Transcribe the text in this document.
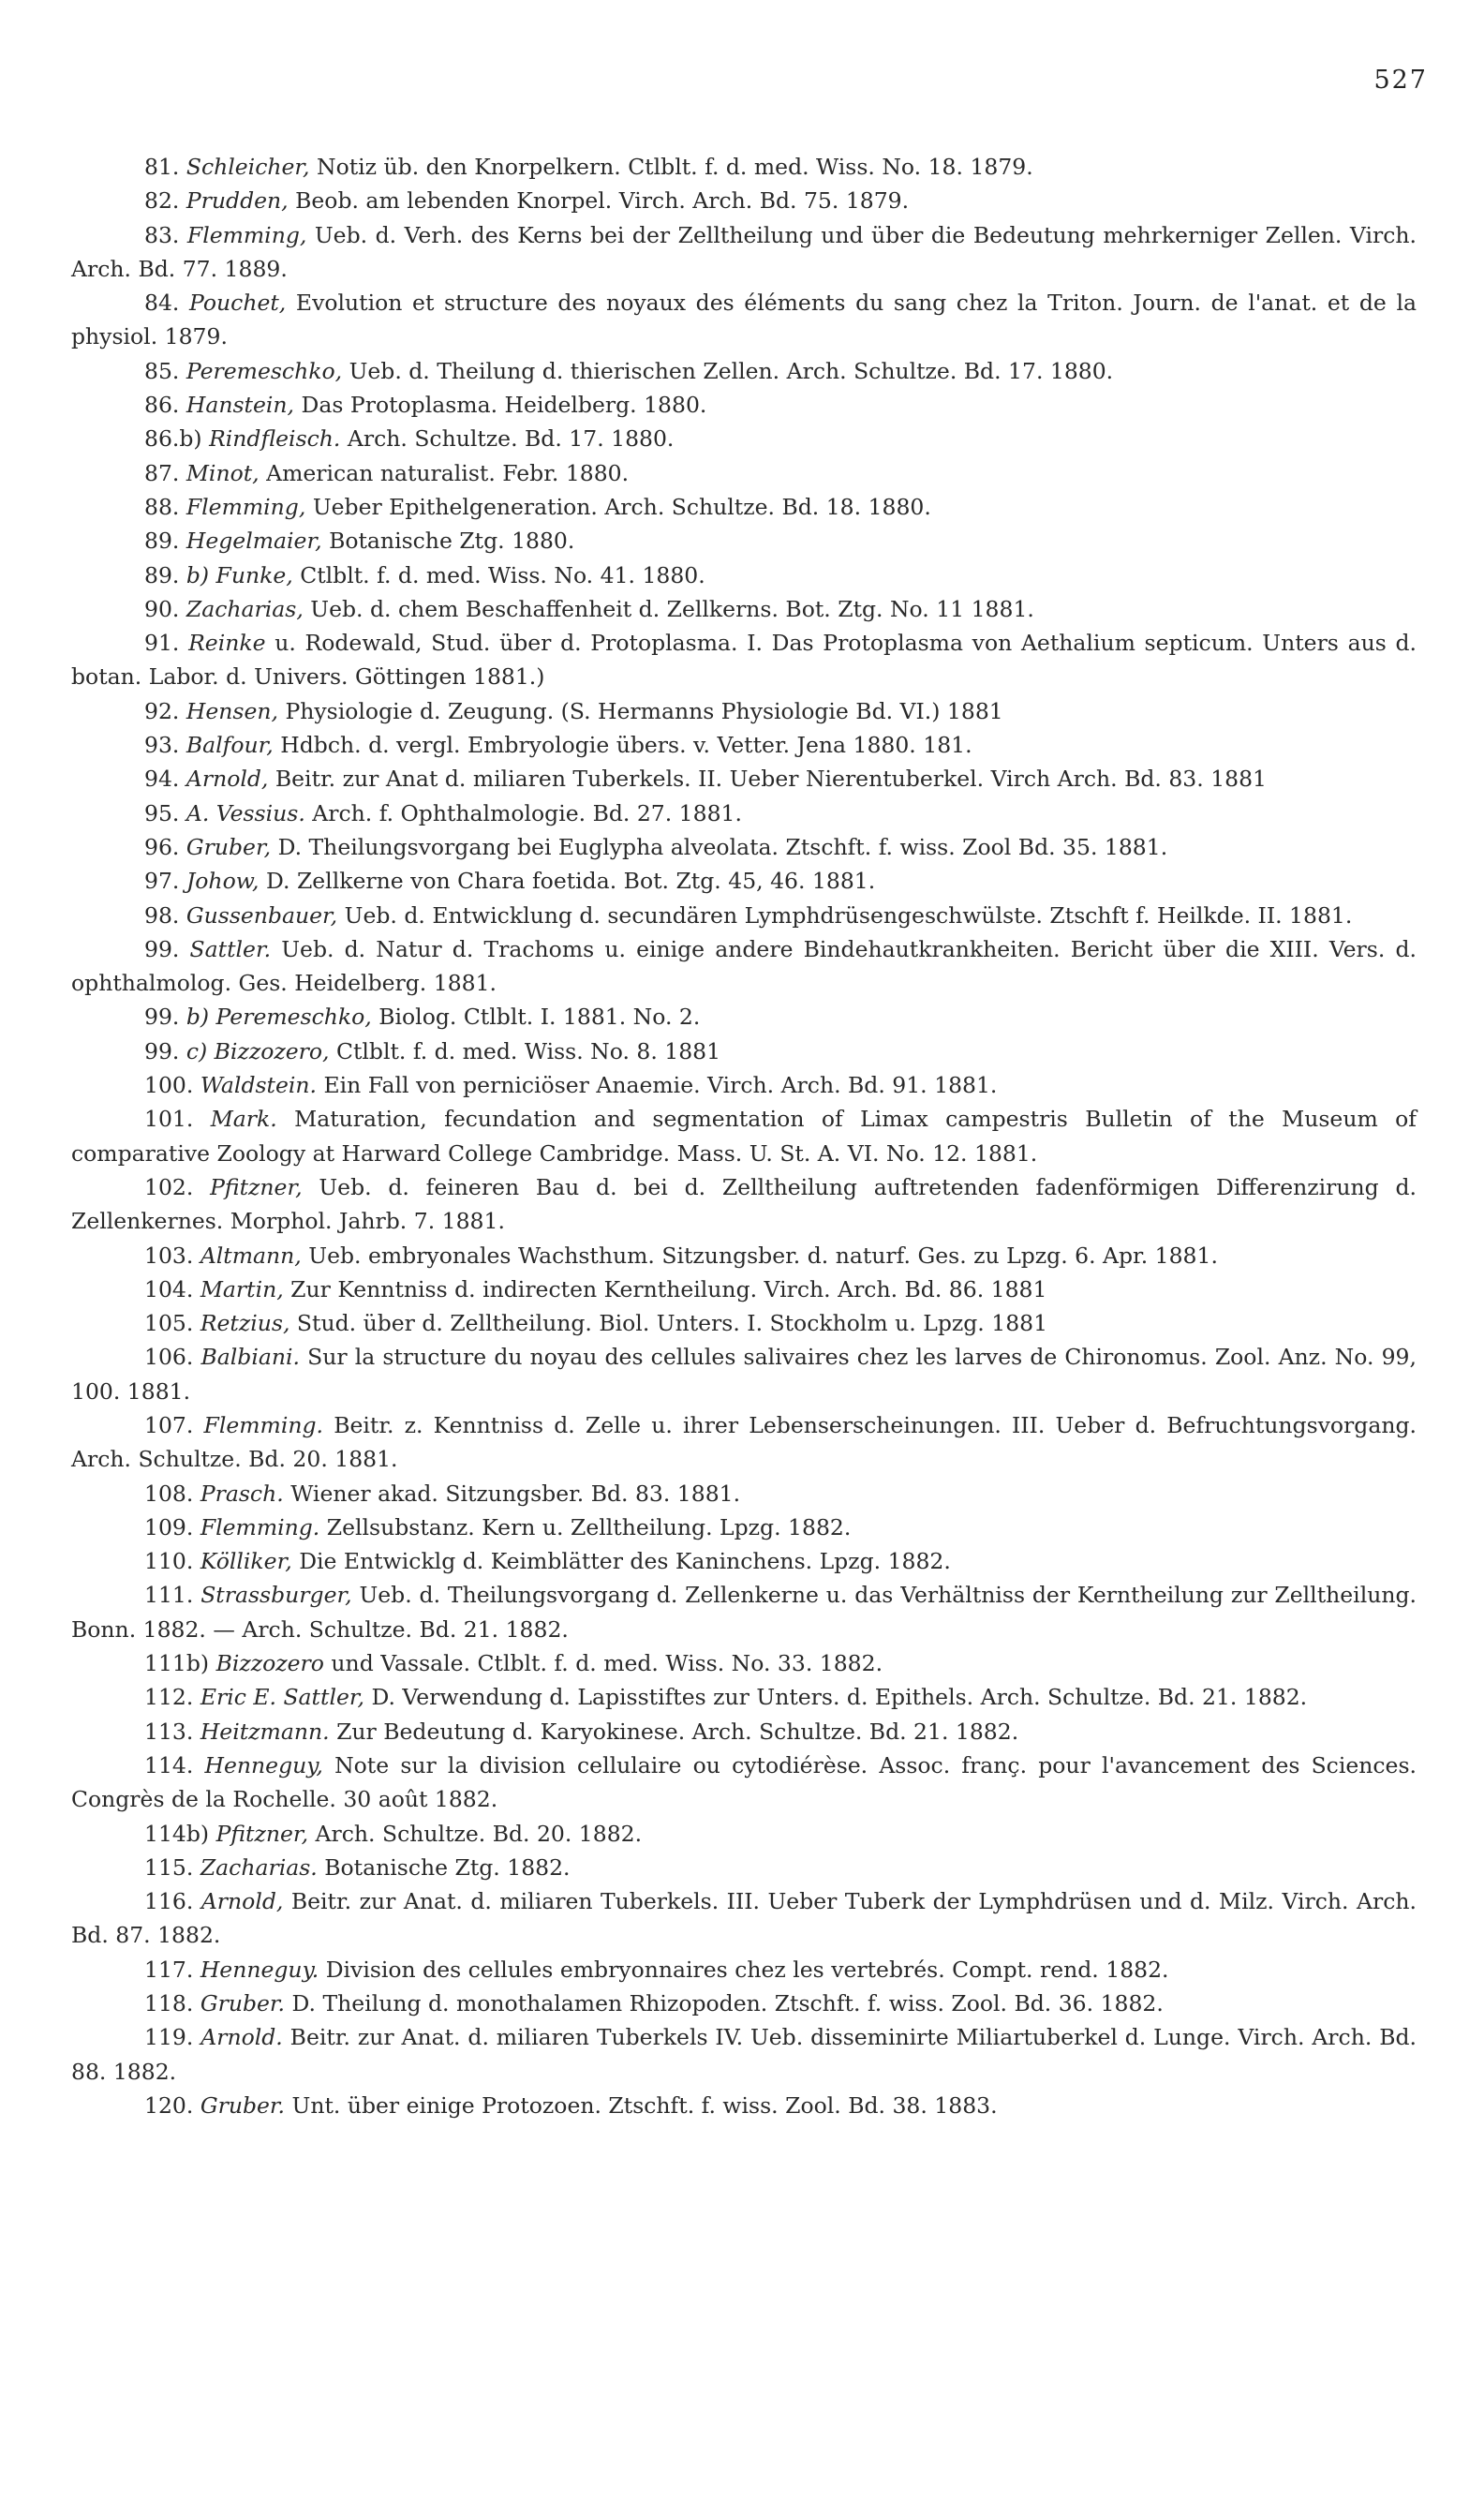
527

81. Schleicher, Notiz üb. den Knorpelkern. Ctlblt. f. d. med. Wiss. No. 18. 1879.

82. Prudden, Beob. am lebenden Knorpel. Virch. Arch. Bd. 75. 1879.

83. Flemming, Ueb. d. Verh. des Kerns bei der Zelltheilung und über die Bedeutung mehrkerniger Zellen. Virch. Arch. Bd. 77. 1889.

84. Pouchet, Evolution et structure des noyaux des éléments du sang chez la Triton. Journ. de l'anat. et de la physiol. 1879.

85. Peremeschko, Ueb. d. Theilung d. thierischen Zellen. Arch. Schultze. Bd. 17. 1880.

86. Hanstein, Das Protoplasma. Heidelberg. 1880.

86.b) Rindfleisch. Arch. Schultze. Bd. 17. 1880.

87. Minot, American naturalist. Febr. 1880.

88. Flemming, Ueber Epithelgeneration. Arch. Schultze. Bd. 18. 1880.

89. Hegelmaier, Botanische Ztg. 1880.

89. b) Funke, Ctlblt. f. d. med. Wiss. No. 41. 1880.

90. Zacharias, Ueb. d. chem Beschaffenheit d. Zellkerns. Bot. Ztg. No. 11 1881.

91. Reinke u. Rodewald, Stud. über d. Protoplasma. I. Das Protoplasma von Aethalium septicum. Unters aus d. botan. Labor. d. Univers. Göttingen 1881.)

92. Hensen, Physiologie d. Zeugung. (S. Hermanns Physiologie Bd. VI.) 1881

93. Balfour, Hdbch. d. vergl. Embryologie übers. v. Vetter. Jena 1880. 181.

94. Arnold, Beitr. zur Anat d. miliaren Tuberkels. II. Ueber Nierentuberkel. Virch Arch. Bd. 83. 1881

95. A. Vessius. Arch. f. Ophthalmologie. Bd. 27. 1881.

96. Gruber, D. Theilungsvorgang bei Euglypha alveolata. Ztschft. f. wiss. Zool Bd. 35. 1881.

97. Johow, D. Zellkerne von Chara foetida. Bot. Ztg. 45, 46. 1881.

98. Gussenbauer, Ueb. d. Entwicklung d. secundären Lymphdrüsengeschwülste. Ztschft f. Heilkde. II. 1881.

99. Sattler. Ueb. d. Natur d. Trachoms u. einige andere Bindehautkrankheiten. Bericht über die XIII. Vers. d. ophthalmolog. Ges. Heidelberg. 1881.

99. b) Peremeschko, Biolog. Ctlblt. I. 1881. No. 2.

99. c) Bizzozero, Ctlblt. f. d. med. Wiss. No. 8. 1881

100. Waldstein. Ein Fall von perniciöser Anaemie. Virch. Arch. Bd. 91. 1881.

101. Mark. Maturation, fecundation and segmentation of Limax campestris Bulletin of the Museum of comparative Zoology at Harward College Cambridge. Mass. U. St. A. VI. No. 12. 1881.

102. Pfitzner, Ueb. d. feineren Bau d. bei d. Zelltheilung auftretenden fadenförmigen Differenzirung d. Zellenkernes. Morphol. Jahrb. 7. 1881.

103. Altmann, Ueb. embryonales Wachsthum. Sitzungsber. d. naturf. Ges. zu Lpzg. 6. Apr. 1881.

104. Martin, Zur Kenntniss d. indirecten Kerntheilung. Virch. Arch. Bd. 86. 1881

105. Retzius, Stud. über d. Zelltheilung. Biol. Unters. I. Stockholm u. Lpzg. 1881

106. Balbiani. Sur la structure du noyau des cellules salivaires chez les larves de Chironomus. Zool. Anz. No. 99, 100. 1881.

107. Flemming. Beitr. z. Kenntniss d. Zelle u. ihrer Lebenserscheinungen. III. Ueber d. Befruchtungsvorgang. Arch. Schultze. Bd. 20. 1881.

108. Prasch. Wiener akad. Sitzungsber. Bd. 83. 1881.

109. Flemming. Zellsubstanz. Kern u. Zelltheilung. Lpzg. 1882.

110. Kölliker, Die Entwicklg d. Keimblätter des Kaninchens. Lpzg. 1882.

111. Strassburger, Ueb. d. Theilungsvorgang d. Zellenkerne u. das Verhältniss der Kerntheilung zur Zelltheilung. Bonn. 1882. — Arch. Schultze. Bd. 21. 1882.

111b) Bizzozero und Vassale. Ctlblt. f. d. med. Wiss. No. 33. 1882.

112. Eric E. Sattler, D. Verwendung d. Lapisstiftes zur Unters. d. Epithels. Arch. Schultze. Bd. 21. 1882.

113. Heitzmann. Zur Bedeutung d. Karyokinese. Arch. Schultze. Bd. 21. 1882.

114. Henneguy, Note sur la division cellulaire ou cytodiérèse. Assoc. franç. pour l'avancement des Sciences. Congrès de la Rochelle. 30 août 1882.

114b) Pfitzner, Arch. Schultze. Bd. 20. 1882.

115. Zacharias. Botanische Ztg. 1882.

116. Arnold, Beitr. zur Anat. d. miliaren Tuberkels. III. Ueber Tuberk der Lymphdrüsen und d. Milz. Virch. Arch. Bd. 87. 1882.

117. Henneguy. Division des cellules embryonnaires chez les vertebrés. Compt. rend. 1882.

118. Gruber. D. Theilung d. monothalamen Rhizopoden. Ztschft. f. wiss. Zool. Bd. 36. 1882.

119. Arnold. Beitr. zur Anat. d. miliaren Tuberkels IV. Ueb. disseminirte Miliartuberkel d. Lunge. Virch. Arch. Bd. 88. 1882.

120. Gruber. Unt. über einige Protozoen. Ztschft. f. wiss. Zool. Bd. 38. 1883.
